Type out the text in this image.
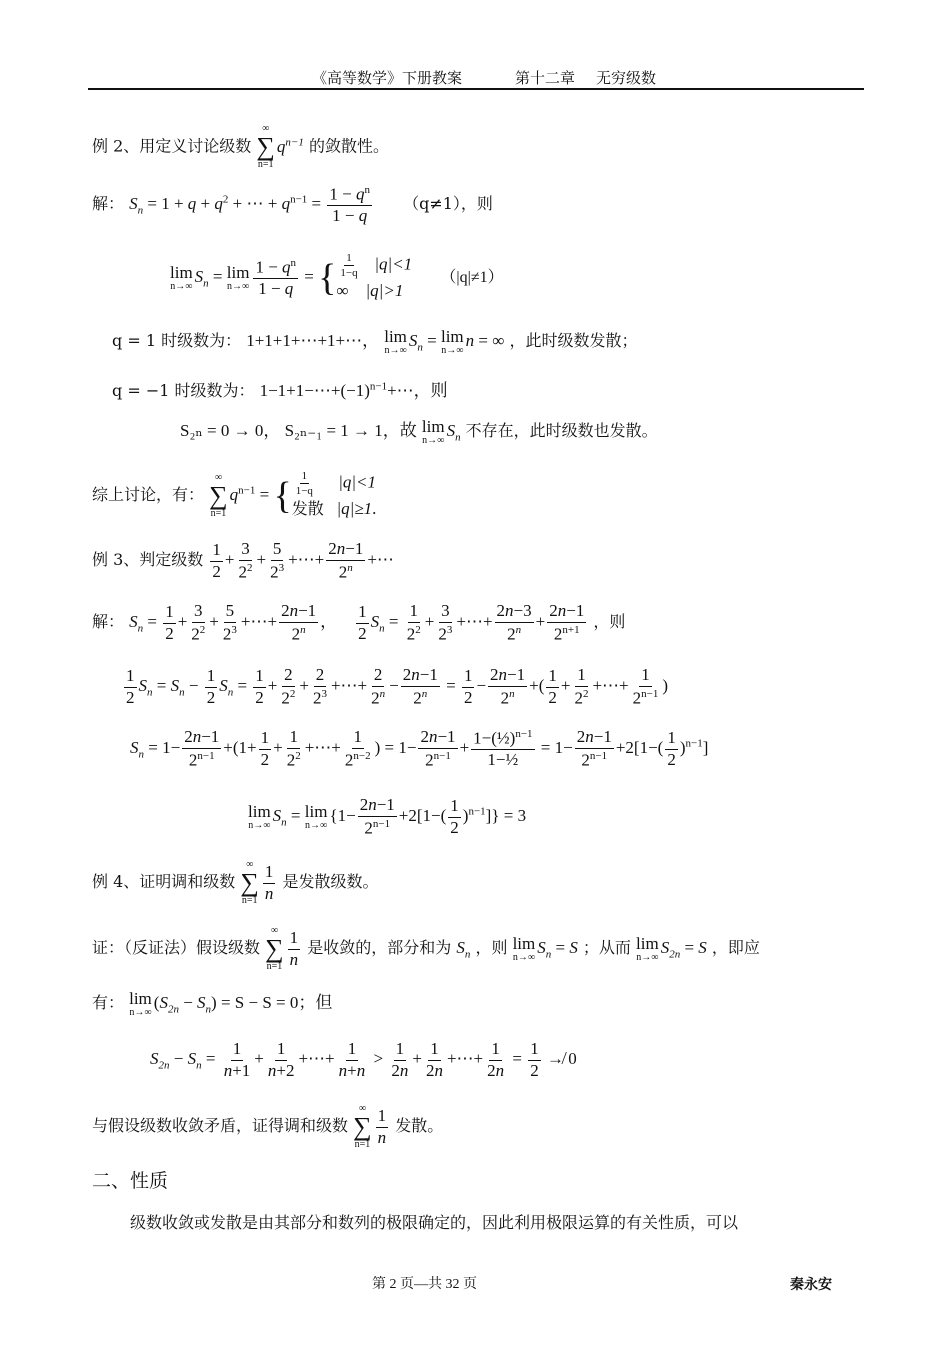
《高等数学》下册教案	第十二章 无穷级数
例 2、用定义讨论级数
∞
∑
n=1
$q^{n-1}$ 的敛散性。
解： $S_n = 1 + q + q^2$ + ⋯ + $q^{n-1} = \frac{1 - q^n}{1 - q} (q\ne 1)$，则
lim
n→∞
$S_n = \lim$
$n\to\infty \frac{1 - q^n}{1 - q}$ = { $\frac{1}{1-q} |q|<1$
∞ |q|>1
（|q|≠1）
q = 1 时级数为： 1+1+1+⋯+1+⋯， lim
n→∞
$S_n = \lim$
n→∞
n = ∞ ，此时级数发散；
q = −1 时级数为： $1-1+1-\cdots+(-1)^{n-1}+\cdots$，则
S₂ₙ = 0 → 0， S₂ₙ₋₁ = 1 → 1，故 lim
n→∞
$S_n$ 不存在，此时级数也发散。
综上讨论，有：
∞
∑
n=1
$q^{n-1}$ = { $\frac{1}{1-q} |q|<1$
发散 |q|≥1.
例 3、判定级数 $\frac{1}{2} + \frac{3}{2^2} + \frac{5}{2^3}$ +⋯+ $\frac{2n-1}{2^n}$ +⋯
解： $S_n = \frac{1}{2} + \frac{3}{2^2} + \frac{5}{2^3}$ +⋯+ $\frac{2n-1}{2^n}$ ， $\frac{1}{2} S_n = \frac{1}{2^2} + \frac{3}{2^3}$ +⋯+ $\frac{2n-3}{2^n} + \frac{2n-1}{2^{n+1}}$ ，则
$\frac{1}{2} S_n = S_n - \frac{1}{2} S_n = \frac{1}{2} + \frac{2}{2^2} + \frac{2}{2^3}$ +⋯+ $\frac{2}{2^n} - \frac{2n-1}{2^n} = \frac{1}{2} - \frac{2n-1}{2^n}$ +( $\frac{1}{2} + \frac{1}{2^2}$ +⋯+ $\frac{1}{2^{n-1}}$ )
$S_n = 1- \frac{2n-1}{2^{n-1}} +(1+ \frac{1}{2} + \frac{1}{2^2}$ +⋯+ $\frac{1}{2^{n-2}}$ ) = $1- \frac{2n-1}{2^{n-1}} + \frac{1-(\frac{1}{2})^{n-1}}{\text{1−½}} = 1- \frac{2n-1}{2^{n-1}} +2[1-( \frac{1}{2} )^{n-1}]$
lim
n→∞
$S_n = \lim$
n→∞
$\{1- \frac{2n-1}{2^{n-1}} +2[1-( \frac{1}{2} )^{n-1}]\} = 3$
例 4、证明调和级数
∞
∑
$n=1 \frac{1}{n}$ 是发散级数。
证：（反证法）假设级数
∞
∑
$n=1 \frac{1}{n}$ 是收敛的，部分和为 $S_n$ ，则 lim
n→∞
$S_n = S$ ；从而 lim
n→∞
$S_{2n} = S$ ，即应
有： lim
n→∞
$(S_{2n} - S_n) = S - S = 0$；但
$S_{2n} - S_n = \frac{1}{n+1} + \frac{1}{n+2}$ +⋯+ $\frac{1}{n+n} > \frac{1}{2n} + \frac{1}{2n}$ +⋯+ $\frac{1}{2n} = \frac{1}{2}$ ↛ 0
与假设级数收敛矛盾，证得调和级数
∞
∑
$n=1 \frac{1}{n}$ 发散。
二、性质
级数收敛或发散是由其部分和数列的极限确定的，因此利用极限运算的有关性质，可以
第 2 页—共 32 页	秦永安
